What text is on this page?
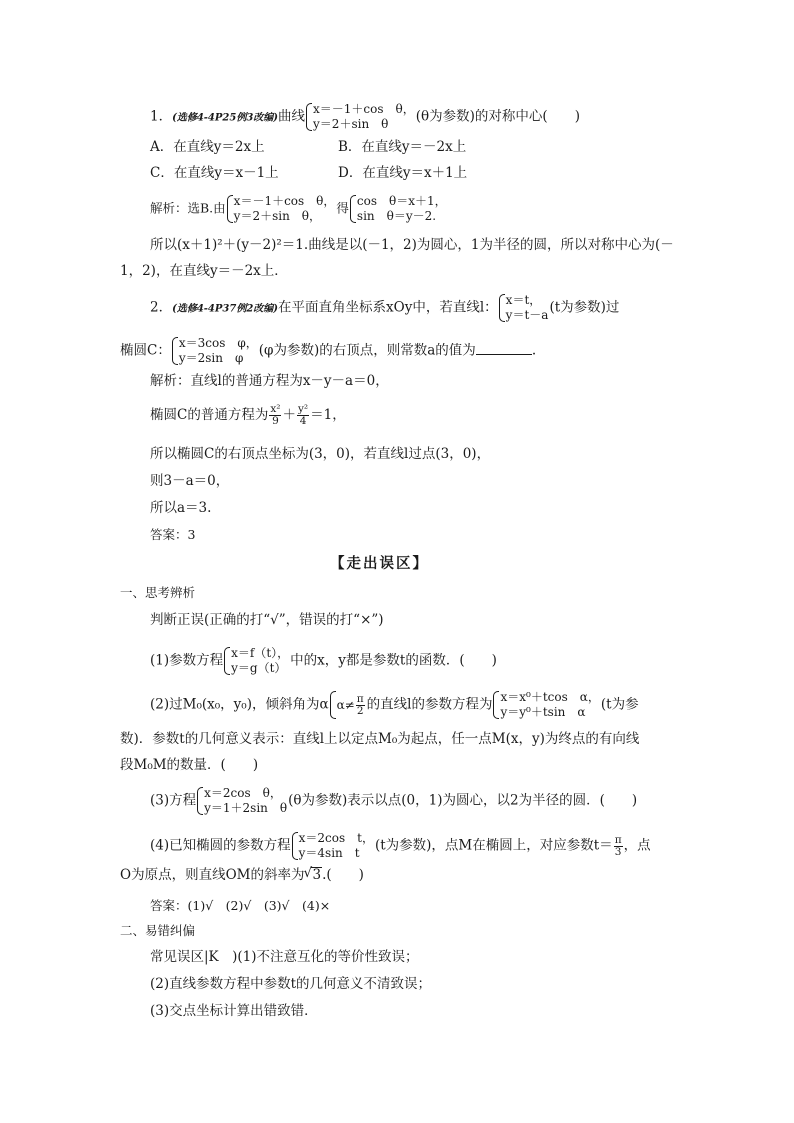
1．(选修4-4P25例3改编)曲线 x＝－1＋cos　θ，
y＝2＋sin　θ	(θ为参数)的对称中心(　　)
A．在直线y＝2x上	B．在直线y＝－2x上
C．在直线y＝x－1上	D．在直线y＝x＋1上
解析：选B.由 x＝－1＋cos　θ，
y＝2＋sin　θ，
得 cos　θ＝x＋1，
sin　θ＝y－2.
所以(x＋1)²＋(y－2)²＝1.曲线是以(－1，2)为圆心，1为半径的圆，所以对称中心为(－
1，2)，在直线y＝－2x上．
2．(选修4-4P37例2改编)在平面直角坐标系xOy中，若直线l： x＝t，
y＝t－a (t为参数)过
椭圆C： x＝3cos　φ，
y＝2sin　φ	(φ为参数)的右顶点，则常数a的值为	.
解析：直线l的普通方程为x－y－a＝0，
椭圆C的普通方程为 $\frac{\text{x²}}{9} + \frac{\text{y²}}{4} =1$，
所以椭圆C的右顶点坐标为(3，0)，若直线l过点(3，0)，
则3－a＝0，
所以a＝3.
答案：3
【走出误区】
一、思考辨析
判断正误(正确的打“√”，错误的打“×”)
(1)参数方程 x＝f（t），
y＝g（t） 中的x，y都是参数t的函数．(　　)
(2)过M₀(x₀，y₀)，倾斜角为α $\alpha\ne \frac{\pi}{2}$ 的直线l的参数方程为 x＝x⁰＋tcos　α，
y＝y⁰＋tsin　α	(t为参
数)．参数t的几何意义表示：直线l上以定点M₀为起点，任一点M(x，y)为终点的有向线
段M₀M的数量．(　　)
(3)方程 x＝2cos　θ，
y＝1＋2sin　θ (θ为参数)表示以点(0，1)为圆心，以2为半径的圆．(　　)
(4)已知椭圆的参数方程 x＝2cos　t，
y＝4sin　t	(t为参数)，点M在椭圆上，对应参数$t= \frac{\pi}{3}$ ，点
O为原点，则直线OM的斜率为√ 3.(　　)
答案：(1)√　(2)√　(3)√　(4)×
二、易错纠偏
常见误区|K　)(1)不注意互化的等价性致误；
(2)直线参数方程中参数t的几何意义不清致误；
(3)交点坐标计算出错致错．
